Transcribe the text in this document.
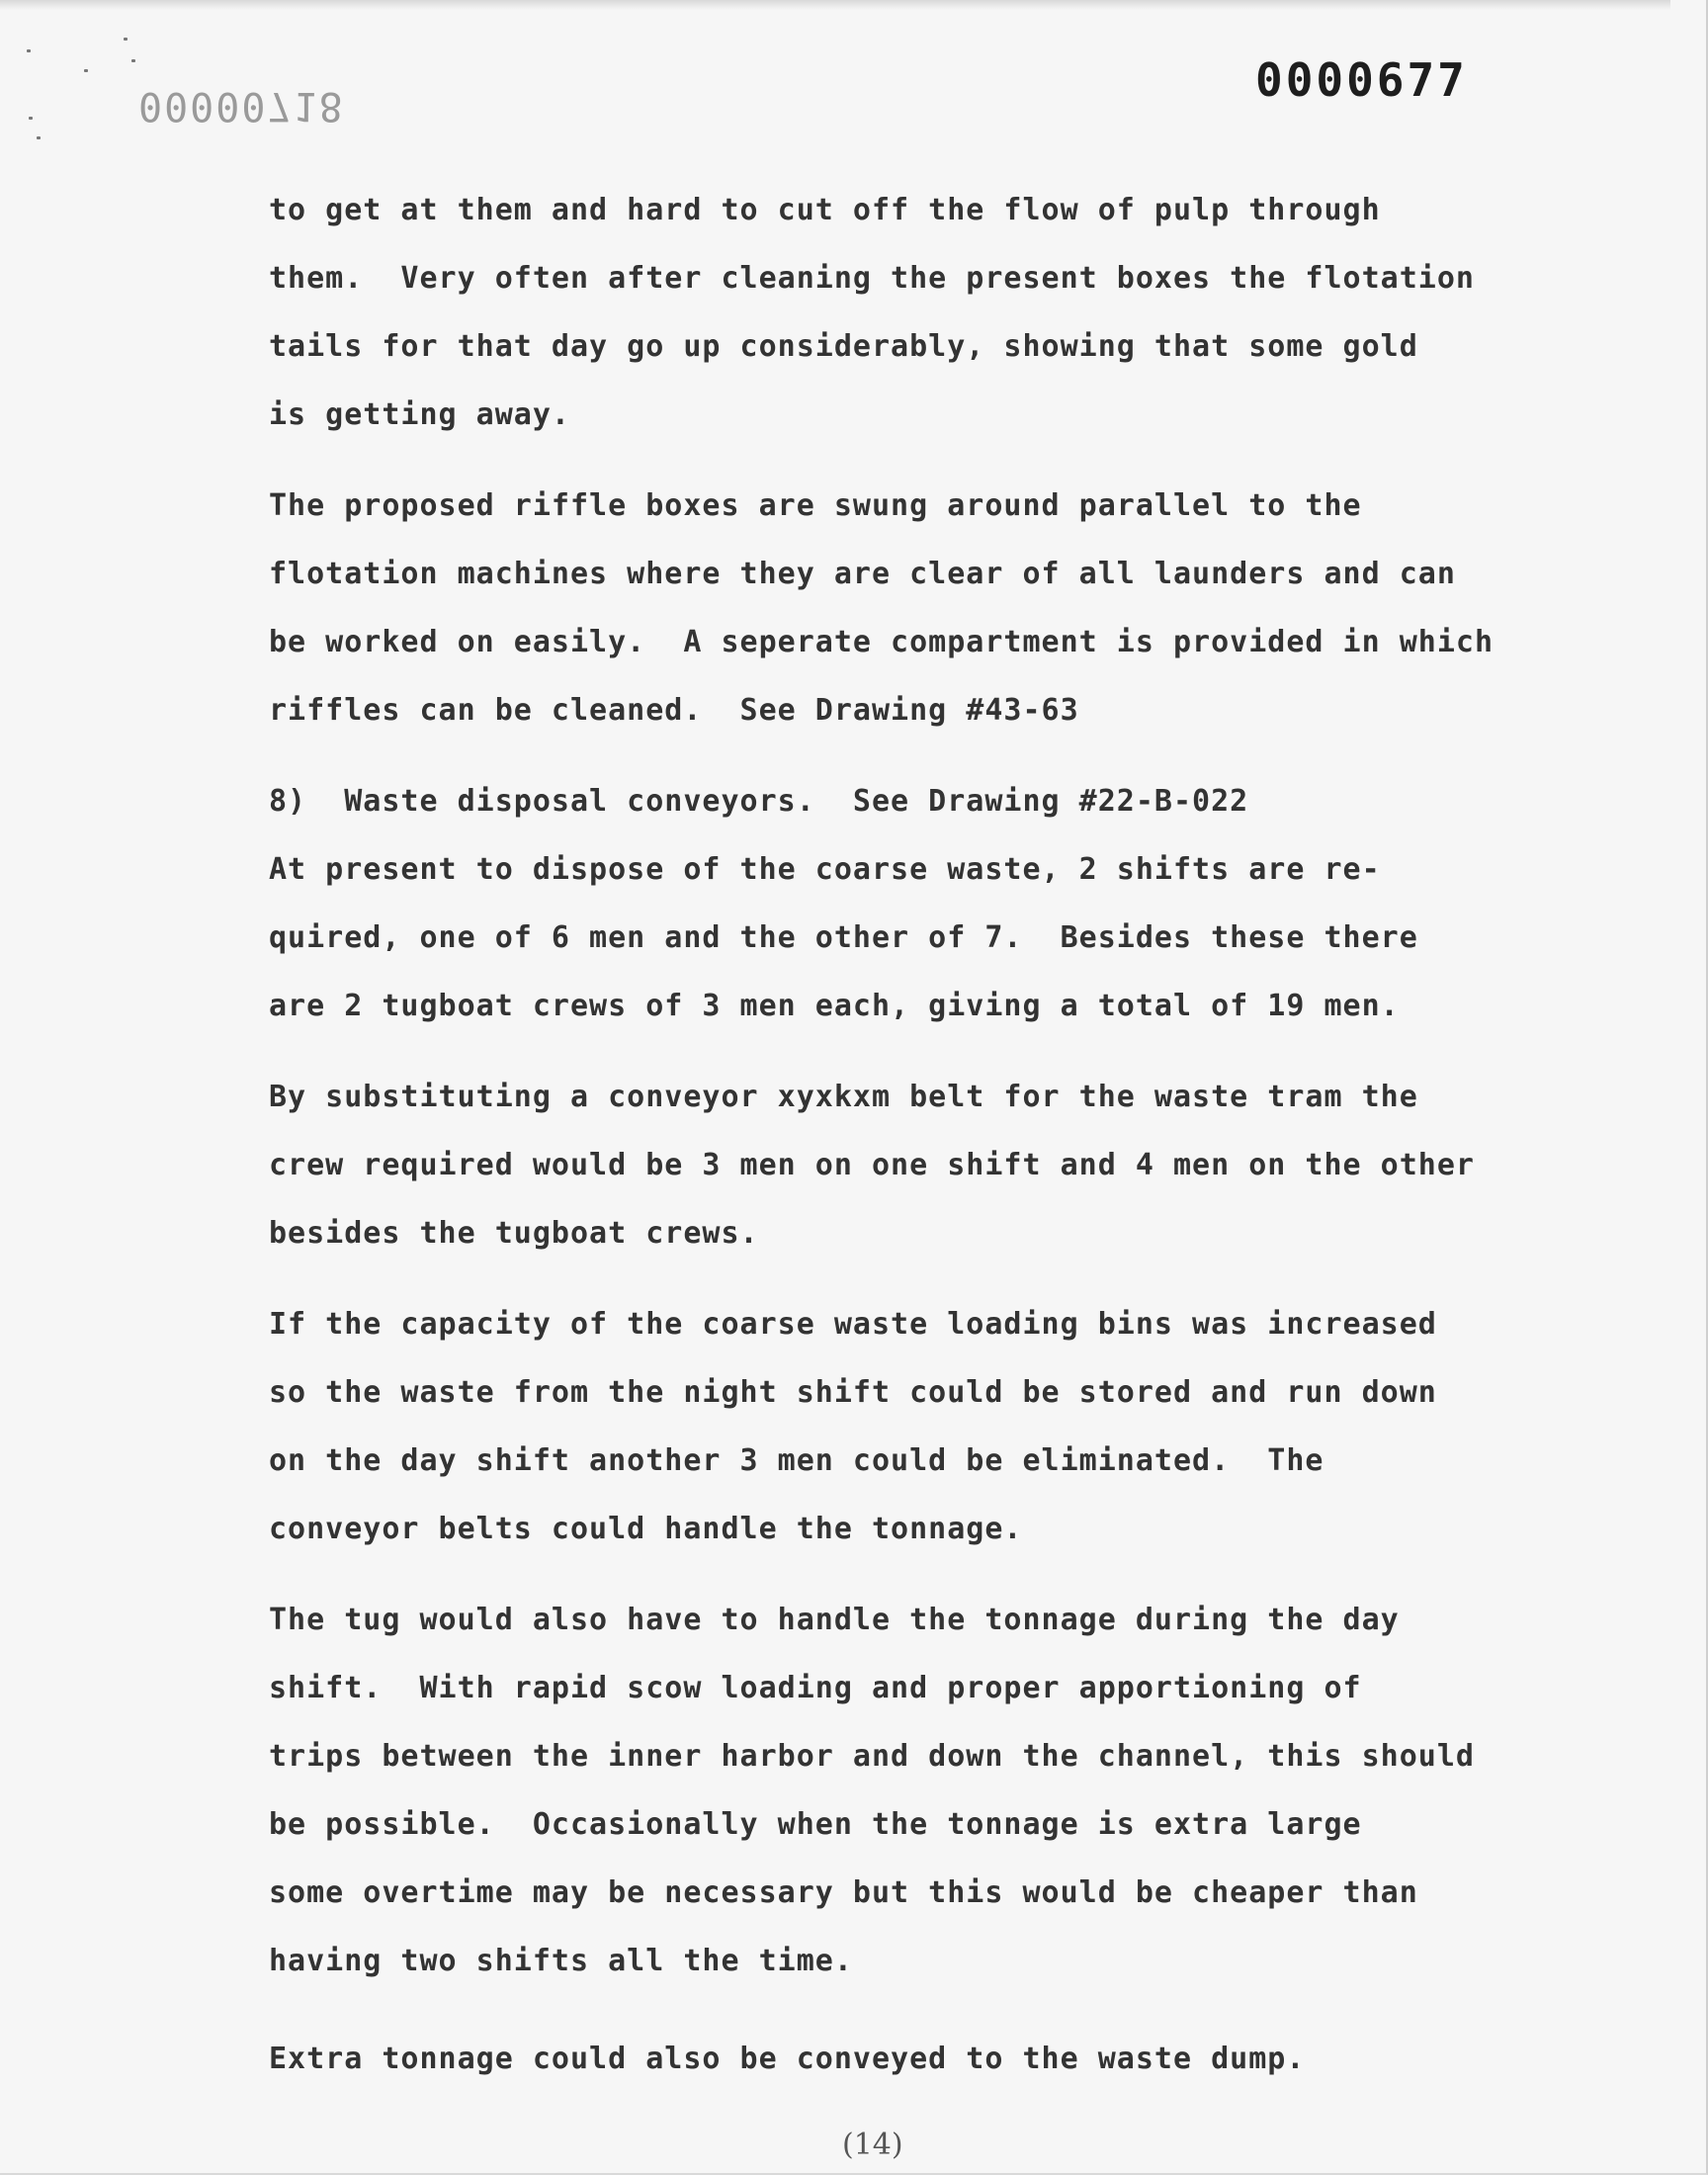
00000718	0000677
to get at them and hard to cut off the flow of pulp through
them.  Very often after cleaning the present boxes the flotation
tails for that day go up considerably, showing that some gold
is getting away.
The proposed riffle boxes are swung around parallel to the
flotation machines where they are clear of all launders and can
be worked on easily.  A seperate compartment is provided in which
riffles can be cleaned.  See Drawing #43-63
8)  Waste disposal conveyors.  See Drawing #22-B-022
At present to dispose of the coarse waste, 2 shifts are re-
quired, one of 6 men and the other of 7.  Besides these there
are 2 tugboat crews of 3 men each, giving a total of 19 men.
By substituting a conveyor xyxkxm belt for the waste tram the
crew required would be 3 men on one shift and 4 men on the other
besides the tugboat crews.
If the capacity of the coarse waste loading bins was increased
so the waste from the night shift could be stored and run down
on the day shift another 3 men could be eliminated.  The
conveyor belts could handle the tonnage.
The tug would also have to handle the tonnage during the day
shift.  With rapid scow loading and proper apportioning of
trips between the inner harbor and down the channel, this should
be possible.  Occasionally when the tonnage is extra large
some overtime may be necessary but this would be cheaper than
having two shifts all the time.
Extra tonnage could also be conveyed to the waste dump.
(14)
